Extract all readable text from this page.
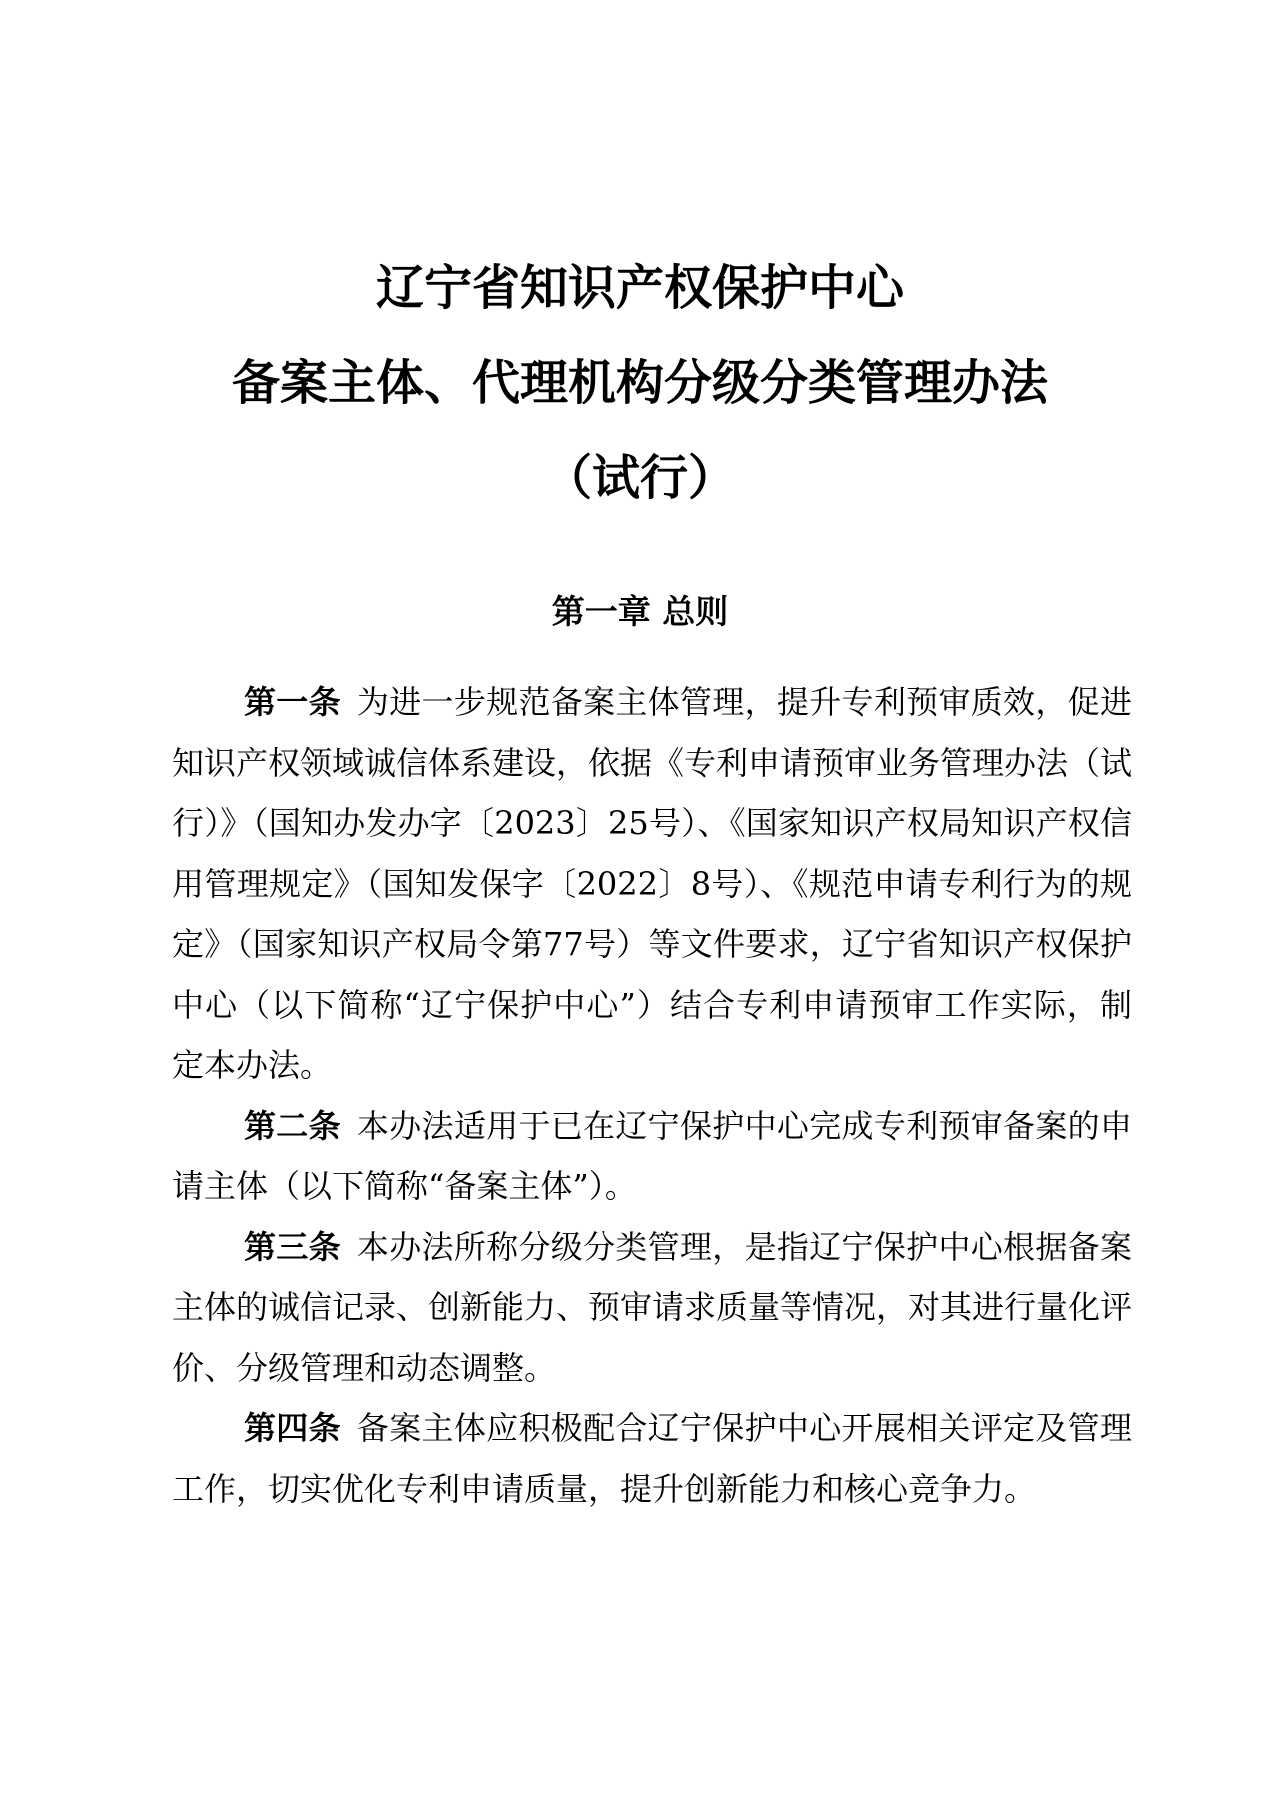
辽宁省知识产权保护中心
备案主体、代理机构分级分类管理办法
（试行）
第一章 总则

第一条 为进一步规范备案主体管理，提升专利预审质效，促进知识产权领域诚信体系建设，依据《专利申请预审业务管理办法（试行）》（国知办发办字〔2023〕25号）、《国家知识产权局知识产权信用管理规定》（国知发保字〔2022〕8号）、《规范申请专利行为的规定》（国家知识产权局令第77号）等文件要求，辽宁省知识产权保护中心（以下简称“辽宁保护中心”）结合专利申请预审工作实际，制定本办法。

第二条 本办法适用于已在辽宁保护中心完成专利预审备案的申请主体（以下简称“备案主体”）。

第三条 本办法所称分级分类管理，是指辽宁保护中心根据备案主体的诚信记录、创新能力、预审请求质量等情况，对其进行量化评价、分级管理和动态调整。

第四条 备案主体应积极配合辽宁保护中心开展相关评定及管理工作，切实优化专利申请质量，提升创新能力和核心竞争力。
